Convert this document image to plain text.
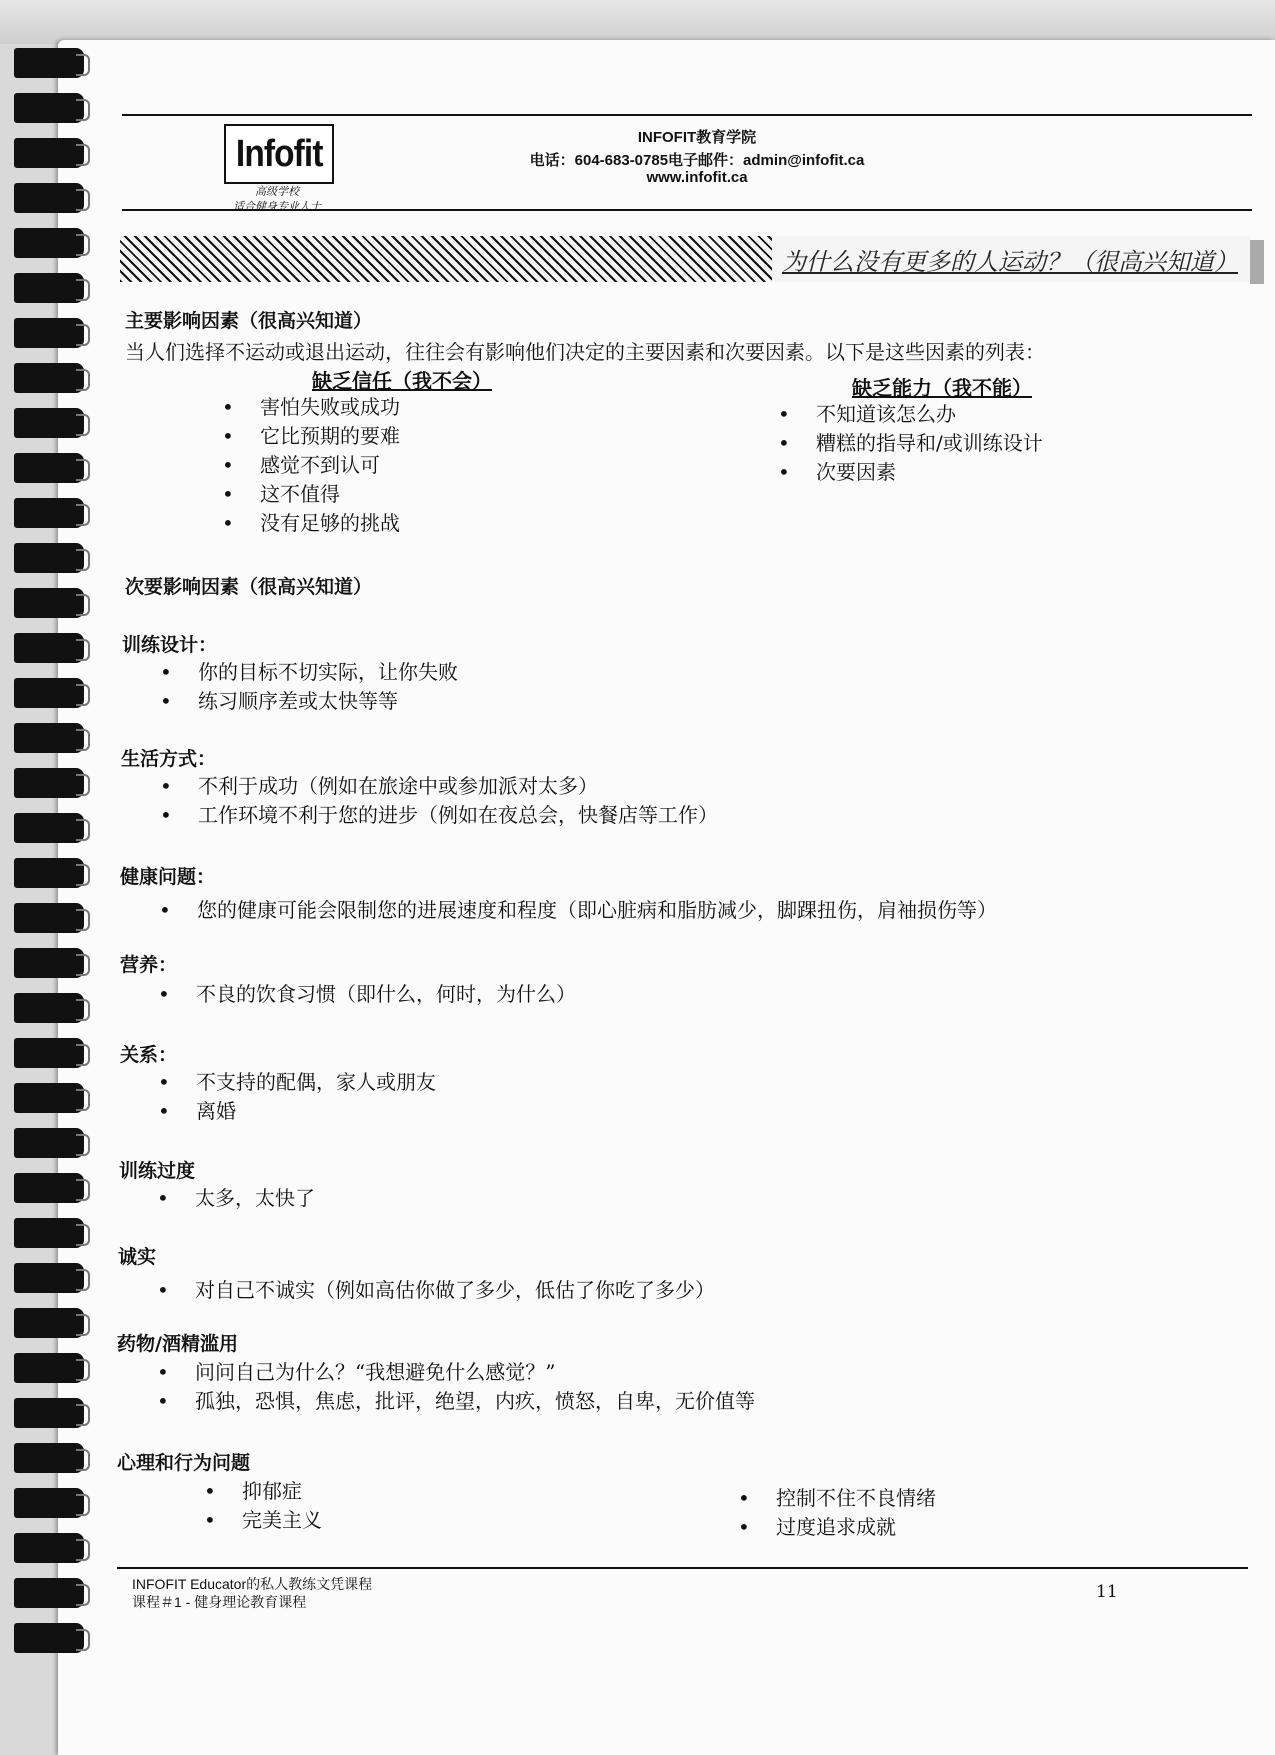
Infofit
高级学校
适合健身专业人士
INFOFIT教育学院
电话：604-683-0785电子邮件：admin@infofit.ca
www.infofit.ca
为什么没有更多的人运动？（很高兴知道）
主要影响因素（很高兴知道）
当人们选择不运动或退出运动，往往会有影响他们决定的主要因素和次要因素。以下是这些因素的列表：
缺乏信任（我不会）	缺乏能力（我不能）
• 害怕失败或成功
• 它比预期的要难
• 感觉不到认可
• 这不值得
• 没有足够的挑战
• 不知道该怎么办
• 糟糕的指导和/或训练设计
• 次要因素
次要影响因素（很高兴知道）
训练设计：
• 你的目标不切实际，让你失败
• 练习顺序差或太快等等
生活方式：
• 不利于成功（例如在旅途中或参加派对太多）
• 工作环境不利于您的进步（例如在夜总会，快餐店等工作）
健康问题：
• 您的健康可能会限制您的进展速度和程度（即心脏病和脂肪减少，脚踝扭伤，肩袖损伤等）
营养：
• 不良的饮食习惯（即什么，何时，为什么）
关系：
• 不支持的配偶，家人或朋友
• 离婚
训练过度
• 太多，太快了
诚实
• 对自己不诚实（例如高估你做了多少，低估了你吃了多少）
药物/酒精滥用
• 问问自己为什么？“我想避免什么感觉？”
• 孤独，恐惧，焦虑，批评，绝望，内疚，愤怒，自卑，无价值等
心理和行为问题
• 抑郁症
• 完美主义
• 控制不住不良情绪
• 过度追求成就
INFOFIT Educator的私人教练文凭课程
课程＃1 - 健身理论教育课程	11
